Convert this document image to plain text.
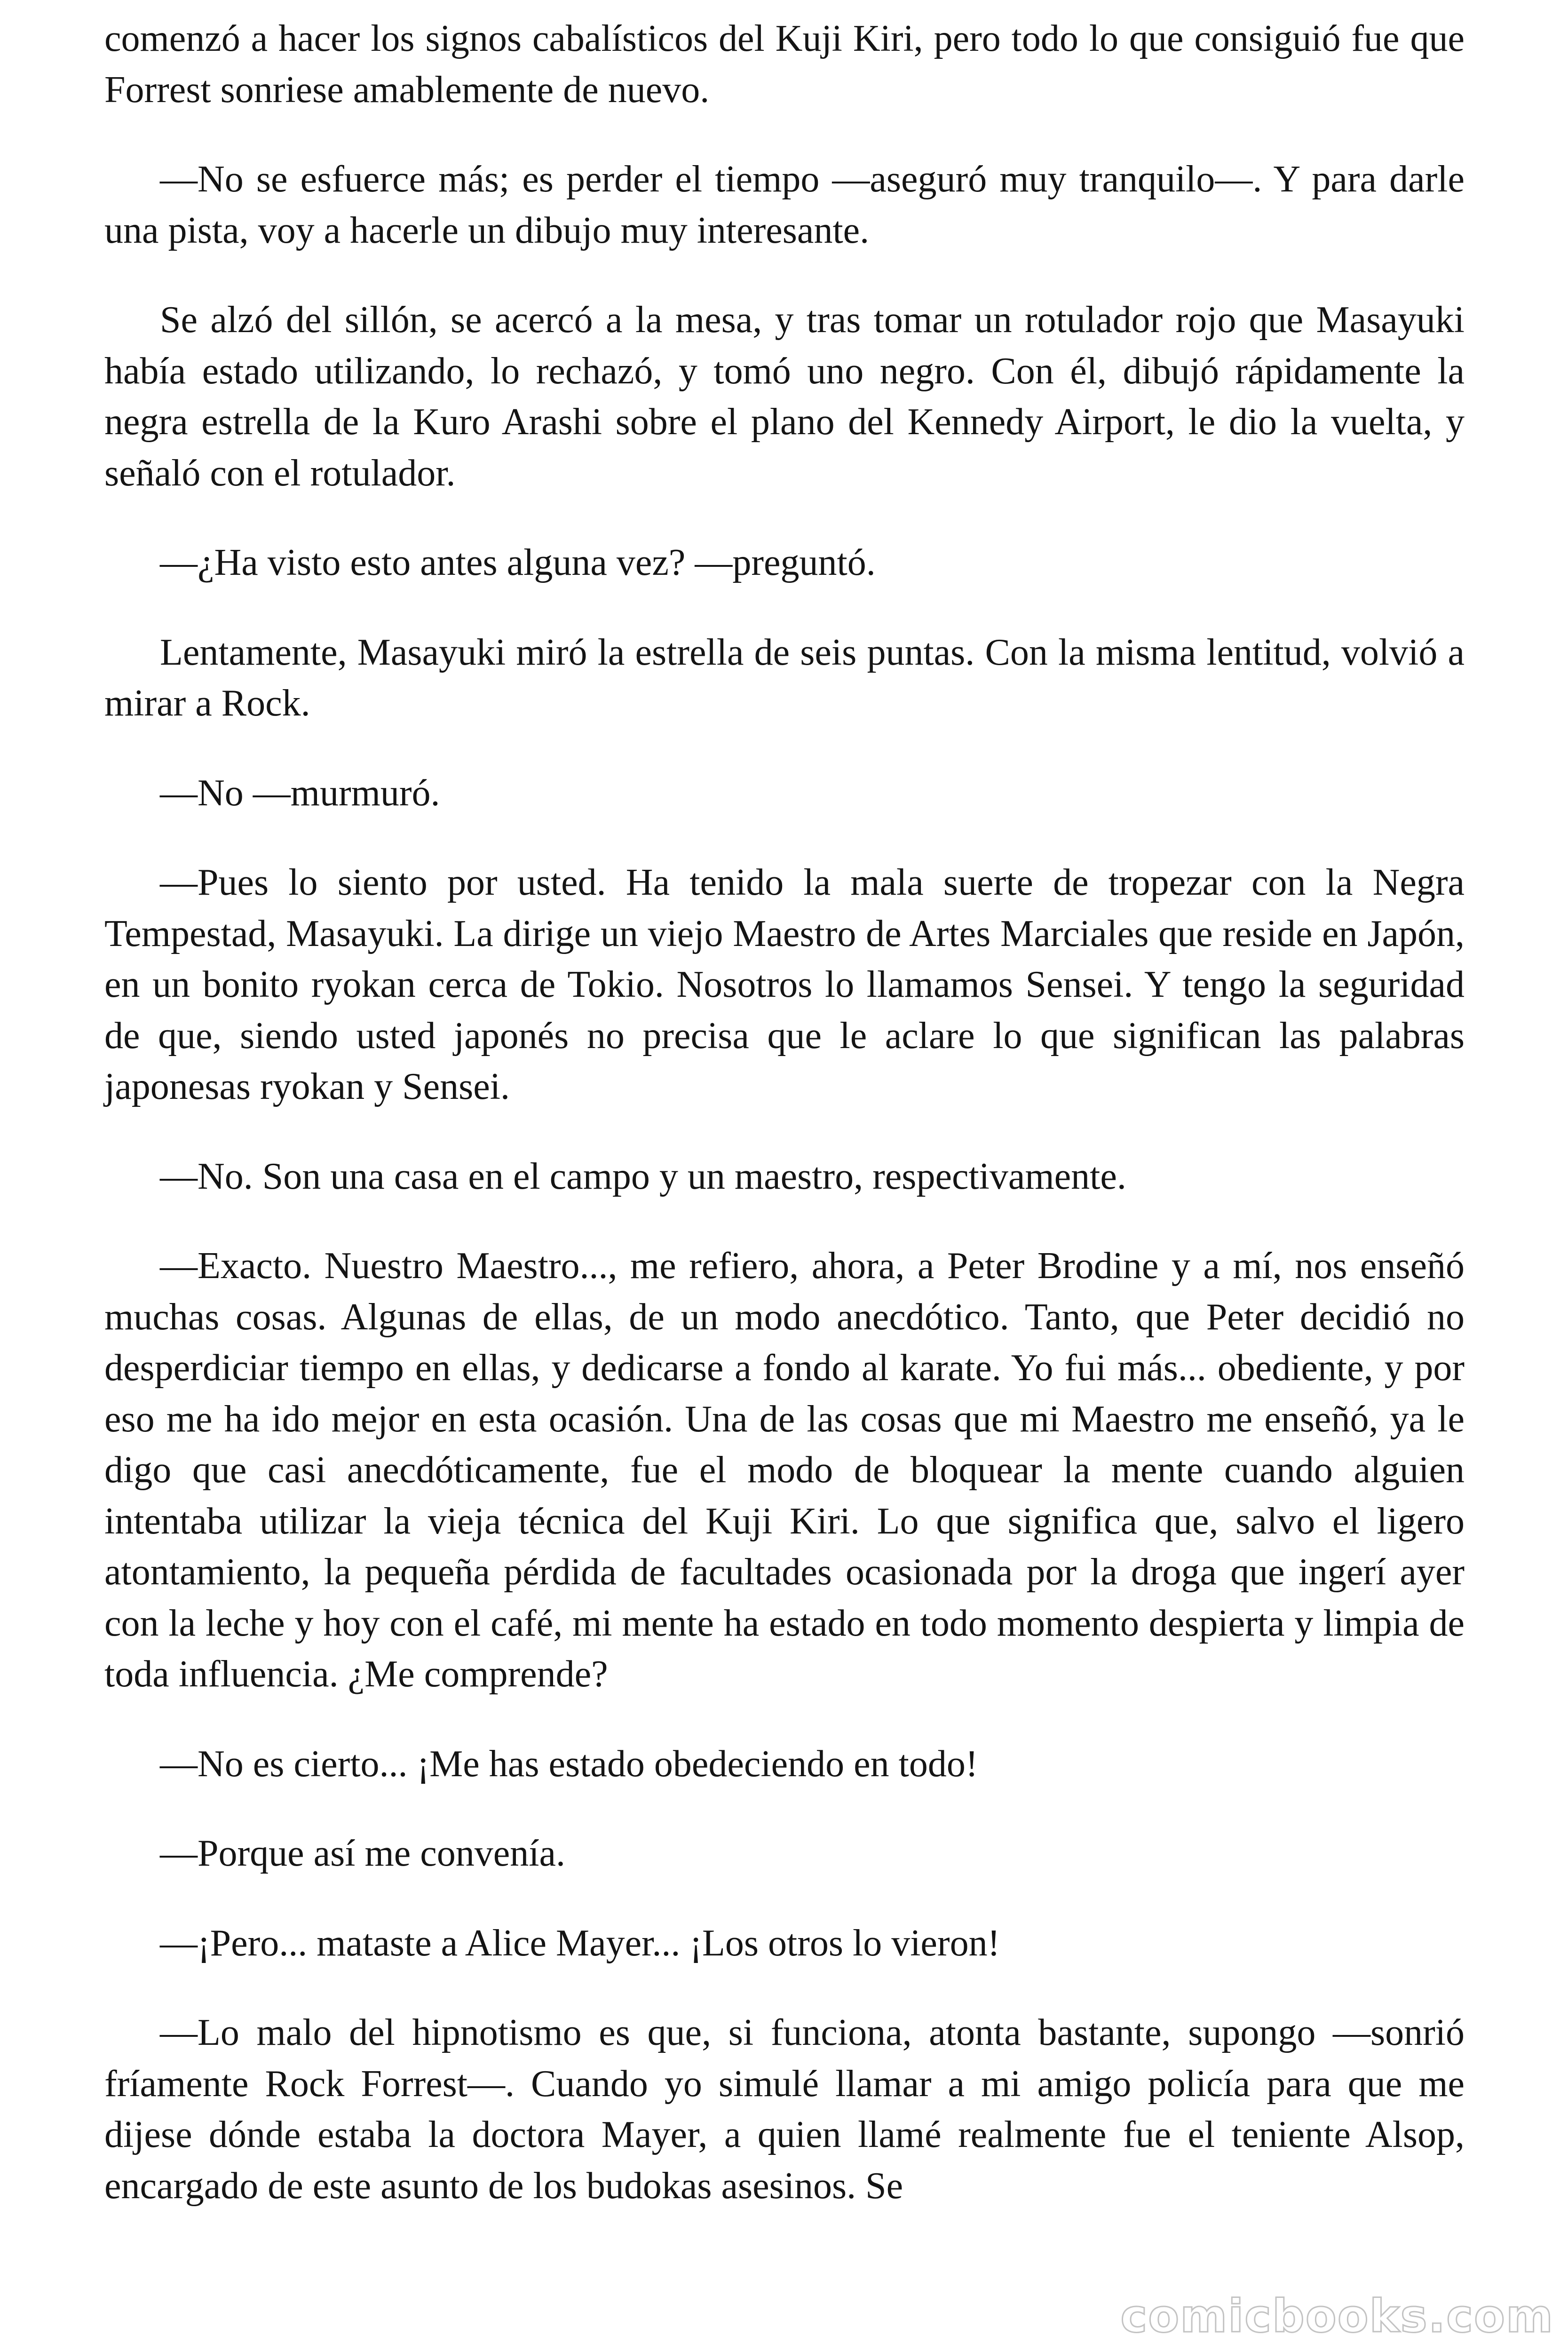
comenzó a hacer los signos cabalísticos del Kuji Kiri, pero todo lo que consiguió fue que Forrest sonriese amablemente de nuevo.

—No se esfuerce más; es perder el tiempo —aseguró muy tranquilo—. Y para darle una pista, voy a hacerle un dibujo muy interesante.

Se alzó del sillón, se acercó a la mesa, y tras tomar un rotulador rojo que Masayuki había estado utilizando, lo rechazó, y tomó uno negro. Con él, dibujó rápidamente la negra estrella de la Kuro Arashi sobre el plano del Kennedy Airport, le dio la vuelta, y señaló con el rotulador.

—¿Ha visto esto antes alguna vez? —preguntó.

Lentamente, Masayuki miró la estrella de seis puntas. Con la misma lentitud, volvió a mirar a Rock.

—No —murmuró.

—Pues lo siento por usted. Ha tenido la mala suerte de tropezar con la Negra Tempestad, Masayuki. La dirige un viejo Maestro de Artes Marciales que reside en Japón, en un bonito ryokan cerca de Tokio. Nosotros lo llamamos Sensei. Y tengo la seguridad de que, siendo usted japonés no precisa que le aclare lo que significan las palabras japonesas ryokan y Sensei.

—No. Son una casa en el campo y un maestro, respectivamente.

—Exacto. Nuestro Maestro..., me refiero, ahora, a Peter Brodine y a mí, nos enseñó muchas cosas. Algunas de ellas, de un modo anecdótico. Tanto, que Peter decidió no desperdiciar tiempo en ellas, y dedicarse a fondo al karate. Yo fui más... obediente, y por eso me ha ido mejor en esta ocasión. Una de las cosas que mi Maestro me enseñó, ya le digo que casi anecdóticamente, fue el modo de bloquear la mente cuando alguien intentaba utilizar la vieja técnica del Kuji Kiri. Lo que significa que, salvo el ligero atontamiento, la pequeña pérdida de facultades ocasionada por la droga que ingerí ayer con la leche y hoy con el café, mi mente ha estado en todo momento despierta y limpia de toda influencia. ¿Me comprende?

—No es cierto... ¡Me has estado obedeciendo en todo!

—Porque así me convenía.

—¡Pero... mataste a Alice Mayer... ¡Los otros lo vieron!

—Lo malo del hipnotismo es que, si funciona, atonta bastante, supongo —sonrió fríamente Rock Forrest—. Cuando yo simulé llamar a mi amigo policía para que me dijese dónde estaba la doctora Mayer, a quien llamé realmente fue el teniente Alsop, encargado de este asunto de los budokas asesinos. Se

comicbooks.com
